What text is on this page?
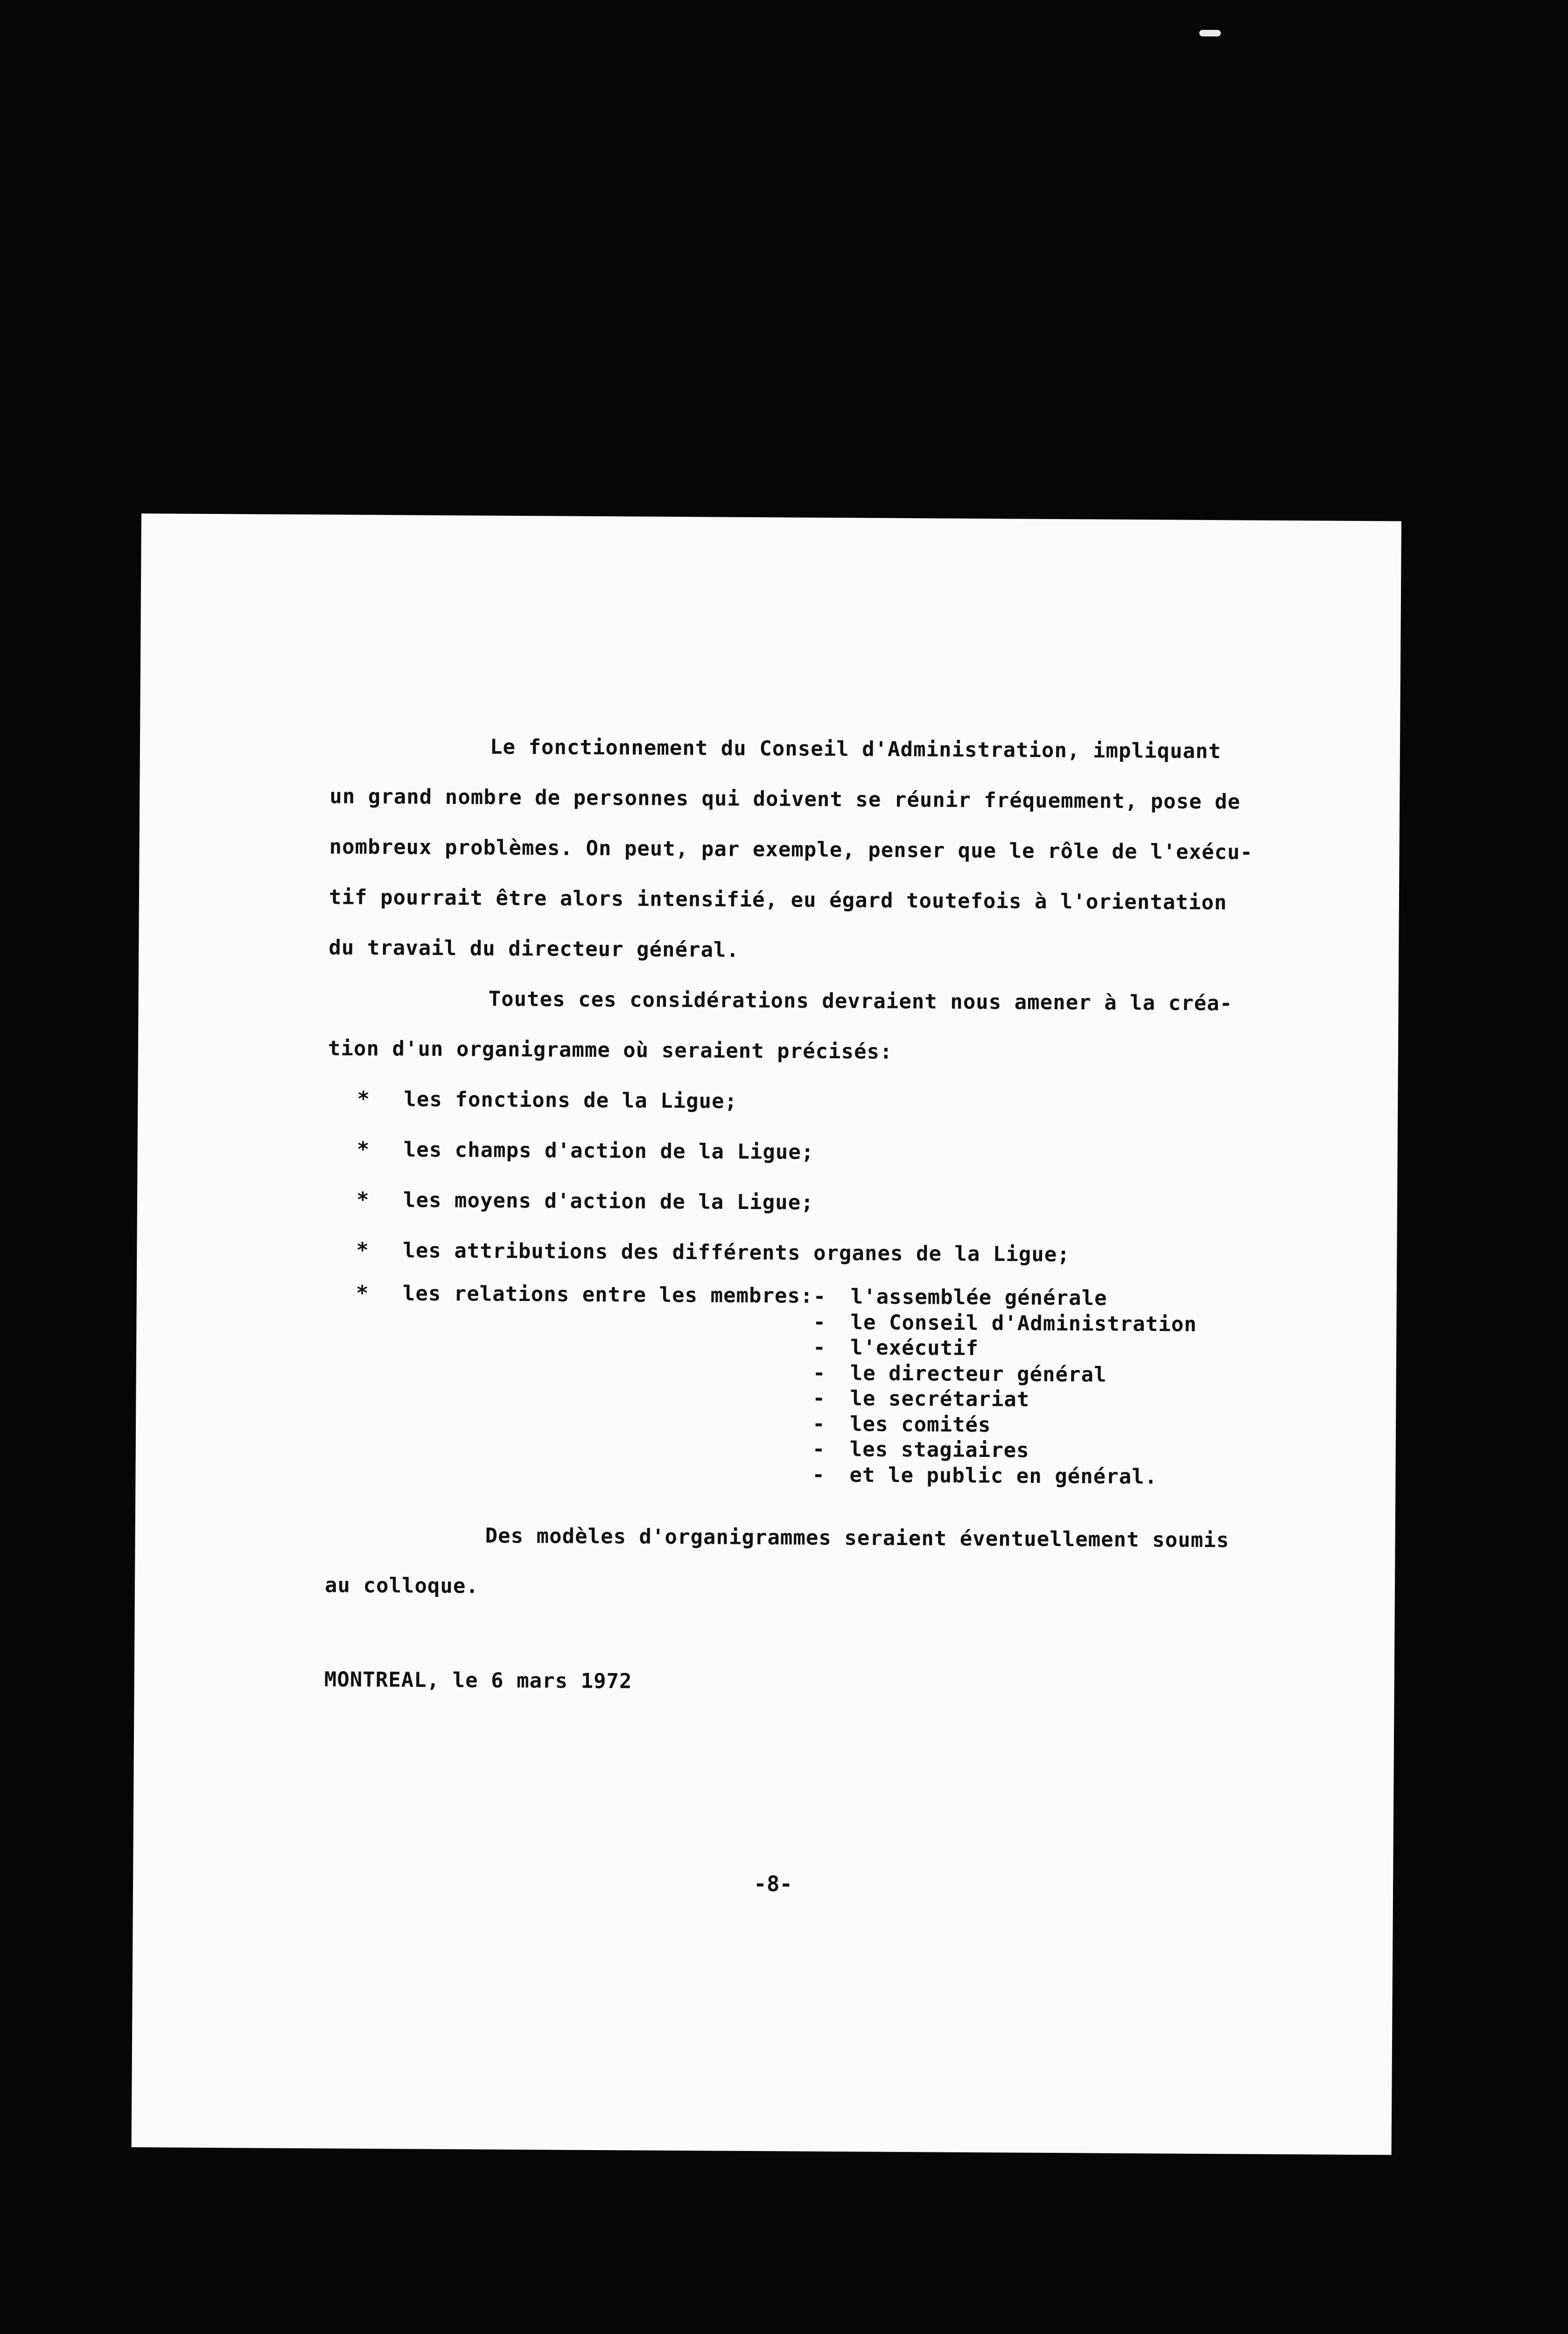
Le fonctionnement du Conseil d'Administration, impliquant
un grand nombre de personnes qui doivent se réunir fréquemment, pose de
nombreux problèmes. On peut, par exemple, penser que le rôle de l'exécu-
tif pourrait être alors intensifié, eu égard toutefois à l'orientation
du travail du directeur général.
Toutes ces considérations devraient nous amener à la créa-
tion d'un organigramme où seraient précisés:
* les fonctions de la Ligue;
* les champs d'action de la Ligue;
* les moyens d'action de la Ligue;
* les attributions des différents organes de la Ligue;
* les relations entre les membres: - l'assemblée générale
- le Conseil d'Administration
- l'exécutif
- le directeur général
- le secrétariat
- les comités
- les stagiaires
- et le public en général.
Des modèles d'organigrammes seraient éventuellement soumis
au colloque.
MONTREAL, le 6 mars 1972
-8-
